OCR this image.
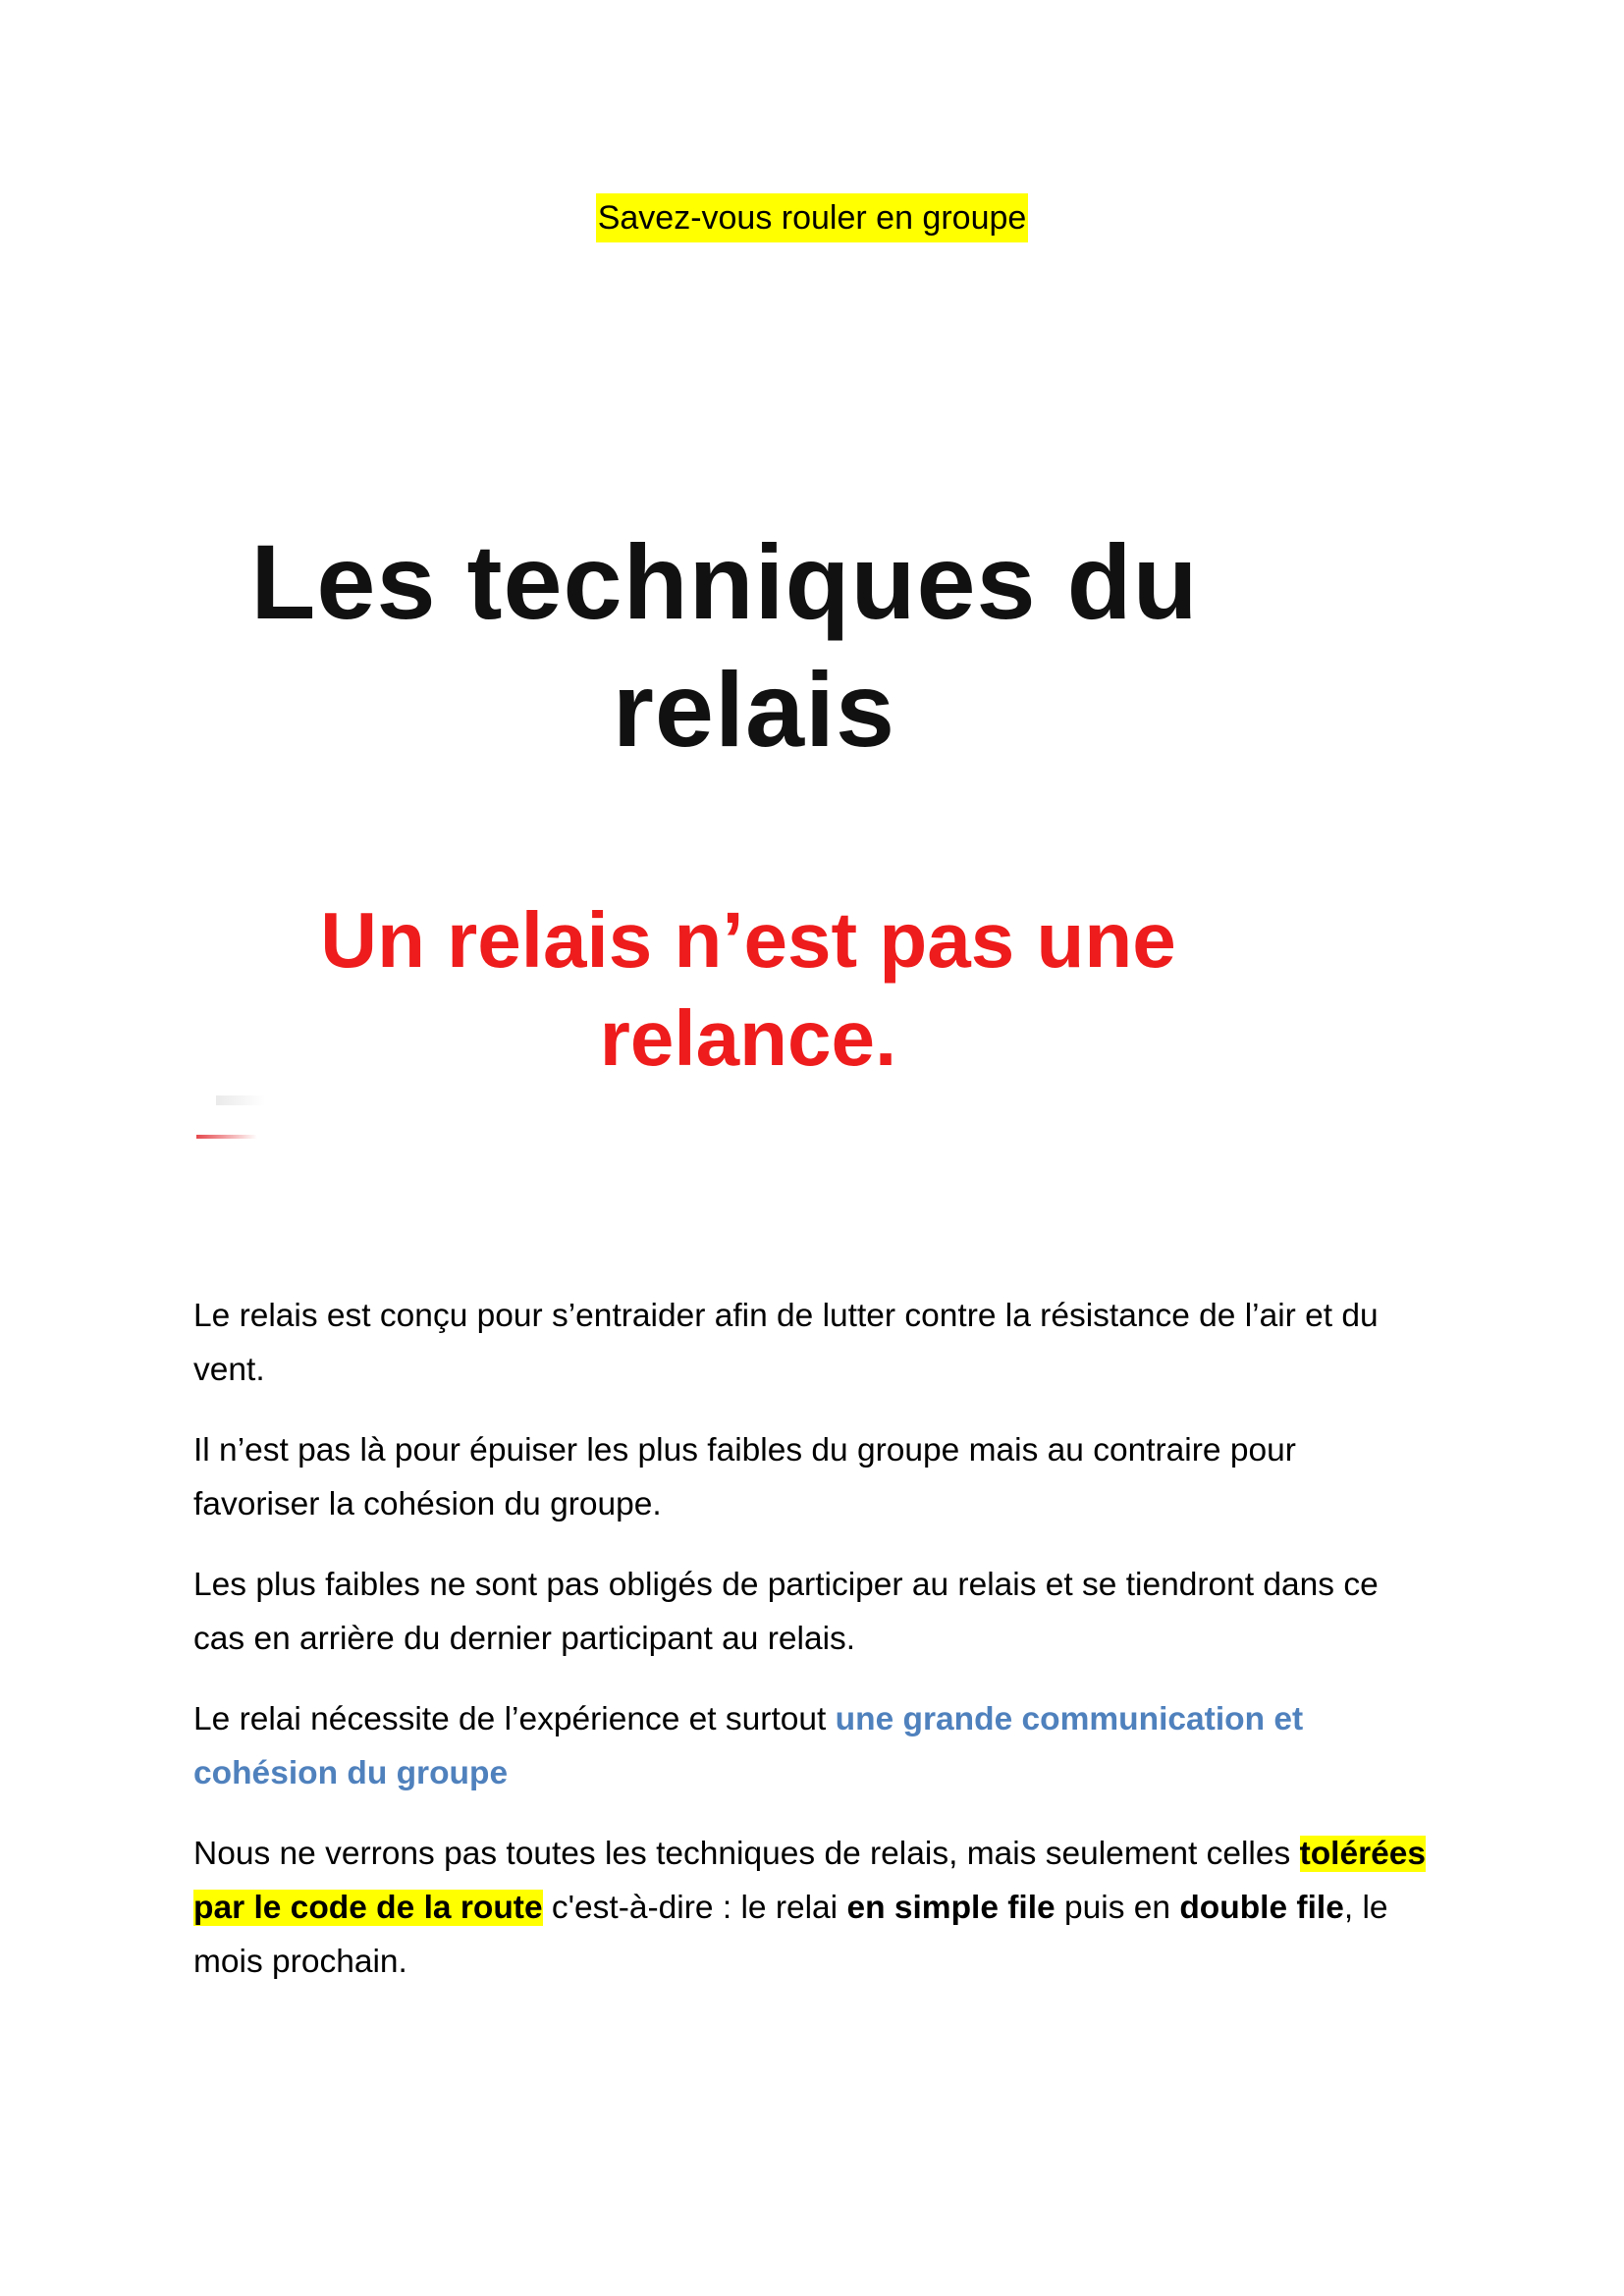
Savez-vous rouler en groupe
Les techniques du
relais
Un relais n’est pas une
relance.

Le relais est conçu pour s’entraider afin de lutter contre la résistance de l’air et du vent.

Il n’est pas là pour épuiser les plus faibles du groupe mais au contraire pour favoriser la cohésion du groupe.

Les plus faibles ne sont pas obligés de participer au relais et se tiendront dans ce cas en arrière du dernier participant au relais.

Le relai nécessite de l’expérience et surtout une grande communication et cohésion du groupe

Nous ne verrons pas toutes les techniques de relais, mais seulement celles tolérées par le code de la route c'est-à-dire : le relai en simple file puis en double file, le mois prochain.
